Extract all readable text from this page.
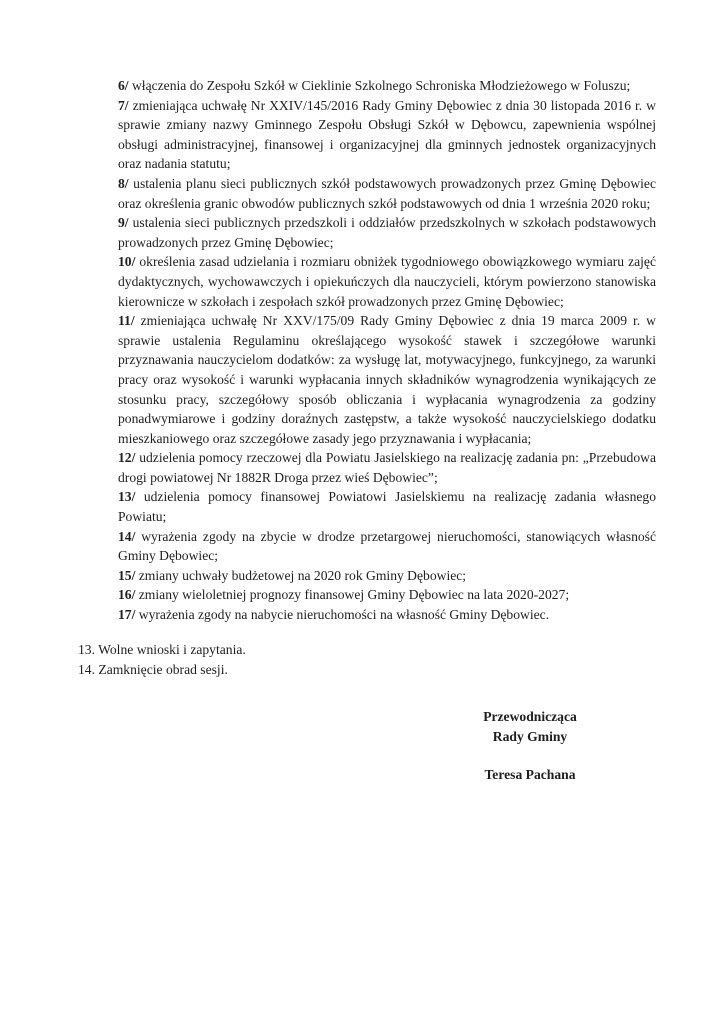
6/ włączenia do Zespołu Szkół w Cieklinie Szkolnego Schroniska Młodzieżowego w Foluszu;

7/ zmieniająca uchwałę Nr XXIV/145/2016 Rady Gminy Dębowiec z dnia 30 listopada 2016 r. w sprawie zmiany nazwy Gminnego Zespołu Obsługi Szkół w Dębowcu, zapewnienia wspólnej obsługi administracyjnej, finansowej i organizacyjnej dla gminnych jednostek organizacyjnych oraz nadania statutu;

8/ ustalenia planu sieci publicznych szkół podstawowych prowadzonych przez Gminę Dębowiec oraz określenia granic obwodów publicznych szkół podstawowych od dnia 1 września 2020 roku;

9/ ustalenia sieci publicznych przedszkoli i oddziałów przedszkolnych w szkołach podstawowych prowadzonych przez Gminę Dębowiec;

10/ określenia zasad udzielania i rozmiaru obniżek tygodniowego obowiązkowego wymiaru zajęć dydaktycznych, wychowawczych i opiekuńczych dla nauczycieli, którym powierzono stanowiska kierownicze w szkołach i zespołach szkół prowadzonych przez Gminę Dębowiec;

11/ zmieniająca uchwałę Nr XXV/175/09 Rady Gminy Dębowiec z dnia 19 marca 2009 r. w sprawie ustalenia Regulaminu określającego wysokość stawek i szczegółowe warunki przyznawania nauczycielom dodatków: za wysługę lat, motywacyjnego, funkcyjnego, za warunki pracy oraz wysokość i warunki wypłacania innych składników wynagrodzenia wynikających ze stosunku pracy, szczegółowy sposób obliczania i wypłacania wynagrodzenia za godziny ponadwymiarowe i godziny doraźnych zastępstw, a także wysokość nauczycielskiego dodatku mieszkaniowego oraz szczegółowe zasady jego przyznawania i wypłacania;

12/ udzielenia pomocy rzeczowej dla Powiatu Jasielskiego na realizację zadania pn: „Przebudowa drogi powiatowej Nr 1882R Droga przez wieś Dębowiec”;

13/ udzielenia pomocy finansowej Powiatowi Jasielskiemu na realizację zadania własnego Powiatu;

14/ wyrażenia zgody na zbycie w drodze przetargowej nieruchomości, stanowiących własność Gminy Dębowiec;

15/ zmiany uchwały budżetowej na 2020 rok Gminy Dębowiec;

16/ zmiany wieloletniej prognozy finansowej Gminy Dębowiec na lata 2020-2027;

17/ wyrażenia zgody na nabycie nieruchomości na własność Gminy Dębowiec.

13. Wolne wnioski i zapytania.

14. Zamknięcie obrad sesji.

Przewodnicząca

Rady Gminy

Teresa Pachana
